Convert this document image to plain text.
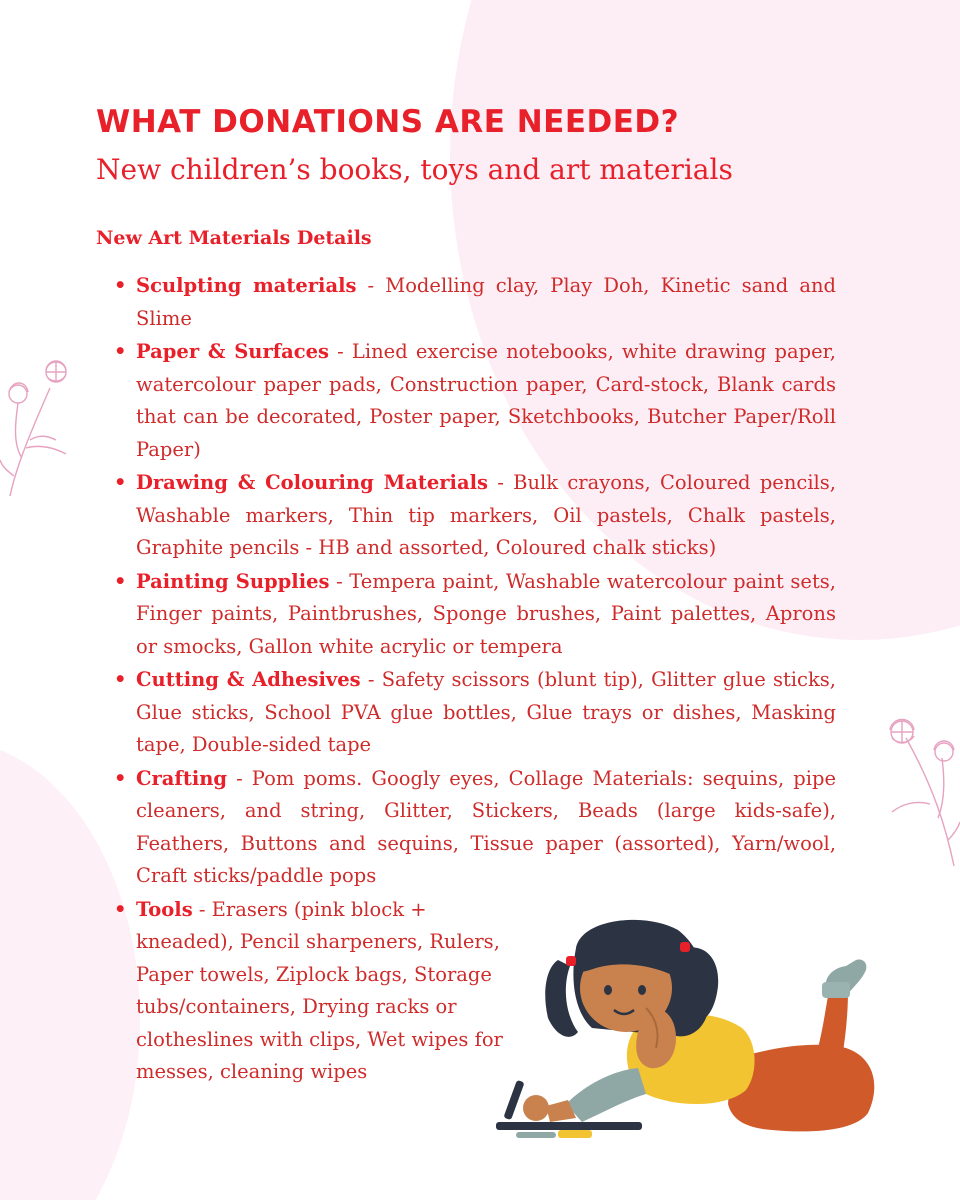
WHAT DONATIONS ARE NEEDED?
New children’s books, toys and art materials
New Art Materials Details
• Sculpting materials - Modelling clay, Play Doh, Kinetic sand and Slime
• Paper & Surfaces - Lined exercise notebooks, white drawing paper, watercolour paper pads, Construction paper, Card-stock, Blank cards that can be decorated, Poster paper, Sketchbooks, Butcher Paper/Roll Paper)
• Drawing & Colouring Materials - Bulk crayons, Coloured pencils, Washable markers, Thin tip markers, Oil pastels, Chalk pastels, Graphite pencils - HB and assorted, Coloured chalk sticks)
• Painting Supplies - Tempera paint, Washable watercolour paint sets, Finger paints, Paintbrushes, Sponge brushes, Paint palettes, Aprons or smocks, Gallon white acrylic or tempera
• Cutting & Adhesives - Safety scissors (blunt tip), Glitter glue sticks, Glue sticks, School PVA glue bottles, Glue trays or dishes, Masking tape, Double-sided tape
• Crafting - Pom poms. Googly eyes, Collage Materials: sequins, pipe cleaners, and string, Glitter, Stickers, Beads (large kids-safe), Feathers, Buttons and sequins, Tissue paper (assorted), Yarn/wool, Craft sticks/paddle pops
• Tools - Erasers (pink block + kneaded), Pencil sharpeners, Rulers, Paper towels, Ziplock bags, Storage tubs/containers, Drying racks or clotheslines with clips, Wet wipes for messes, cleaning wipes
